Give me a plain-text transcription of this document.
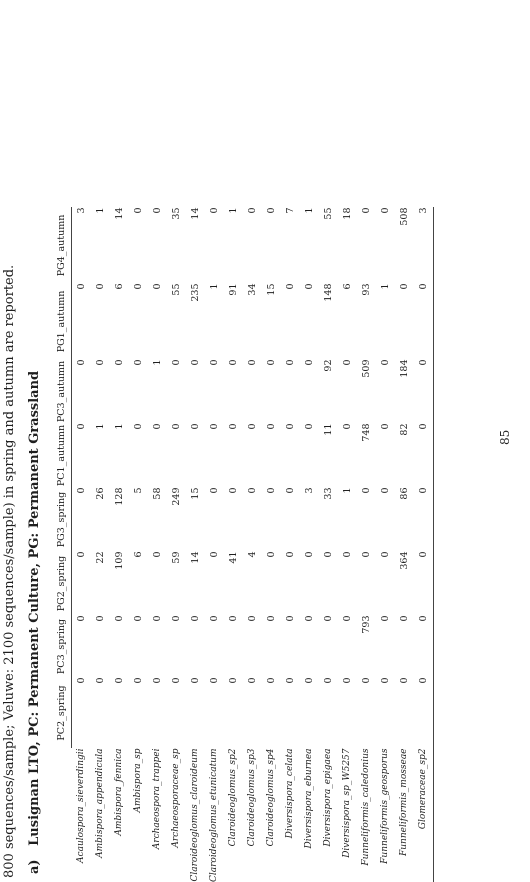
800 sequences/sample; Veluwe: 2100 sequences/sample) in spring and autumn are reported. a)   Lusignan LTO, PC: Permanent Culture, PG: Permanent Grassland
	PC2_spring	PC3_spring	PG2_spring	PG3_spring	PC1_autumn	PC3_autumn	PG1_autumn	PG4_autumn
Acaulospora_sieverdingii	0	0	0	0	0	0	0	3
Ambispora_appendicula	0	0	22	26	1	0	0	1
Ambispora_fennica	0	0	109	128	1	0	6	14
Ambispora_sp	0	0	6	5	0	0	0	0
Archaeospora_trappei	0	0	0	58	0	1	0	0
Archaeosporaceae_sp	0	0	59	249	0	0	55	35
Claroideoglomus_claroideum	0	0	14	15	0	0	235	14
Claroideoglomus_etunicatum	0	0	0	0	0	0	1	0
Claroideoglomus_sp2	0	0	41	0	0	0	91	1
Claroideoglomus_sp3	0	0	4	0	0	0	34	0
Claroideoglomus_sp4	0	0	0	0	0	0	15	0
Diversispora_celata	0	0	0	0	0	0	0	7
Diversispora_eburnea	0	0	0	3	0	0	0	1
Diversispora_epigaea	0	0	0	33	11	92	148	55
Diversispora_sp_W5257	0	0	0	1	0	0	6	18
Funneliformis_caledonius	0	793	0	0	748	509	93	0
Funneliformis_geosporus	0	0	0	0	0	0	1	0
Funneliformis_mosseae	0	0	364	86	82	184	0	508
Glomeraceae_sp2	0	0	0	0	0	0	0	3
85
